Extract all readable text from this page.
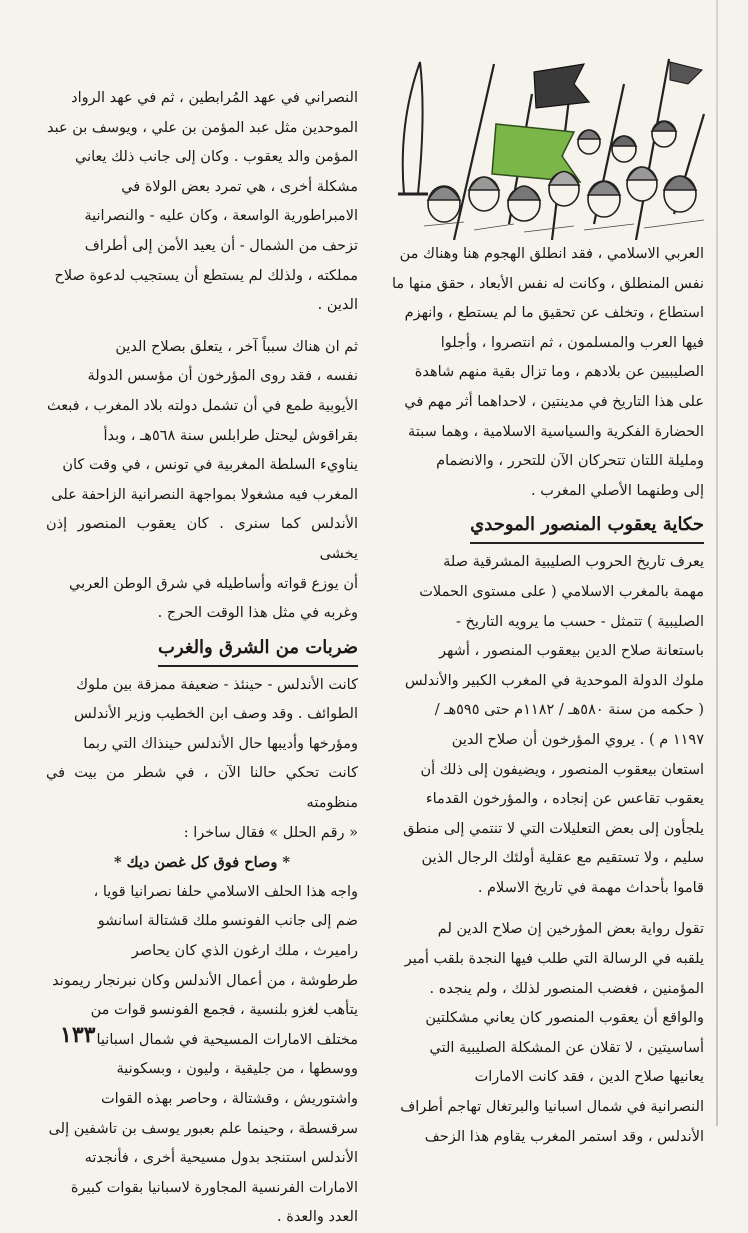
العربي الاسلامي ، فقد انطلق الهجوم هنا وهناك من
نفس المنطلق ، وكانت له نفس الأبعاد ، حقق منها ما
استطاع ، وتخلف عن تحقيق ما لم يستطع ، وانهزم
فيها العرب والمسلمون ، ثم انتصروا ، وأجلوا
الصليبيين عن بلادهم ، وما تزال بقية منهم شاهدة
على هذا التاريخ في مدينتين ، لاحداهما أثر مهم في
الحضارة الفكرية والسياسية الاسلامية ، وهما سبتة
ومليلة اللتان تتحركان الآن للتحرر ، والانضمام
إلى وطنهما الأصلي المغرب .

حكاية يعقوب المنصور الموحدي

يعرف تاريخ الحروب الصليبية المشرقية صلة
مهمة بالمغرب الاسلامي ( على مستوى الحملات
الصليبية ) تتمثل - حسب ما يرويه التاريخ -
باستعانة صلاح الدين بيعقوب المنصور ، أشهر
ملوك الدولة الموحدية في المغرب الكبير والأندلس
( حكمه من سنة ٥٨٠هـ / ١١٨٢م حتى ٥٩٥هـ /
١١٩٧ م ) . يروي المؤرخون أن صلاح الدين
استعان بيعقوب المنصور ، ويضيفون إلى ذلك أن
يعقوب تقاعس عن إنجاده ، والمؤرخون القدماء
يلجأون إلى بعض التعليلات التي لا تنتمي إلى منطق
سليم ، ولا تستقيم مع عقلية أولئك الرجال الذين
قاموا بأحداث مهمة في تاريخ الاسلام .

تقول رواية بعض المؤرخين إن صلاح الدين لم
يلقبه في الرسالة التي طلب فيها النجدة بلقب أمير
المؤمنين ، فغضب المنصور لذلك ، ولم ينجده .

والواقع أن يعقوب المنصور كان يعاني مشكلتين
أساسيتين ، لا تقلان عن المشكلة الصليبية التي
يعانيها صلاح الدين ، فقد كانت الامارات
النصرانية في شمال اسبانيا والبرتغال تهاجم أطراف
الأندلس ، وقد استمر المغرب يقاوم هذا الزحف

النصراني في عهد المُرابطين ، ثم في عهد الرواد
الموحدين مثل عبد المؤمن بن علي ، ويوسف بن عبد
المؤمن والد يعقوب . وكان إلى جانب ذلك يعاني
مشكلة أخرى ، هي تمرد بعض الولاة في
الامبراطورية الواسعة ، وكان عليه - والنصرانية
تزحف من الشمال - أن يعيد الأمن إلى أطراف
مملكته ، ولذلك لم يستطع أن يستجيب لدعوة صلاح
الدين .

ثم ان هناك سبباً آخر ، يتعلق بصلاح الدين
نفسه ، فقد روى المؤرخون أن مؤسس الدولة
الأيوبية طمع في أن تشمل دولته بلاد المغرب ، فبعث
بقراقوش ليحتل طرابلس سنة ٥٦٨هـ ، وبدأ
يناويء السلطة المغربية في تونس ، في وقت كان
المغرب فيه مشغولا بمواجهة النصرانية الزاحفة على
الأندلس كما سنرى . كان يعقوب المنصور إذن يخشى
أن يوزع قواته وأساطيله في شرق الوطن العربي
وغربه في مثل هذا الوقت الحرج .

ضربات من الشرق والغرب

كانت الأندلس - حينئذ - ضعيفة ممزقة بين ملوك
الطوائف . وقد وصف ابن الخطيب وزير الأندلس
ومؤرخها وأديبها حال الأندلس حينذاك التي ربما
كانت تحكي حالنا الآن ، في شطر من بيت في منظومته
« رقم الحلل » فقال ساخرا :

* وصاح فوق كل غصن ديك *

واجه هذا الحلف الاسلامي حلفا نصرانيا قويا ،
ضم إلى جانب الفونسو ملك قشتالة اسانشو
راميرث ، ملك ارغون الذي كان يحاصر
طرطوشة ، من أعمال الأندلس وكان نبرنجار ريموند
يتأهب لغزو بلنسية ، فجمع الفونسو قوات من
مختلف الامارات المسيحية في شمال اسبانيا
ووسطها ، من جليقية ، وليون ، وبسكونية
واشتوريش ، وقشتالة ، وحاصر بهذه القوات
سرقسطة ، وحينما علم بعبور يوسف بن تاشفين إلى
الأندلس استنجد بدول مسيحية أخرى ، فأنجدته
الامارات الفرنسية المجاورة لاسبانيا بقوات كبيرة
العدد والعدة .

١٣٣
